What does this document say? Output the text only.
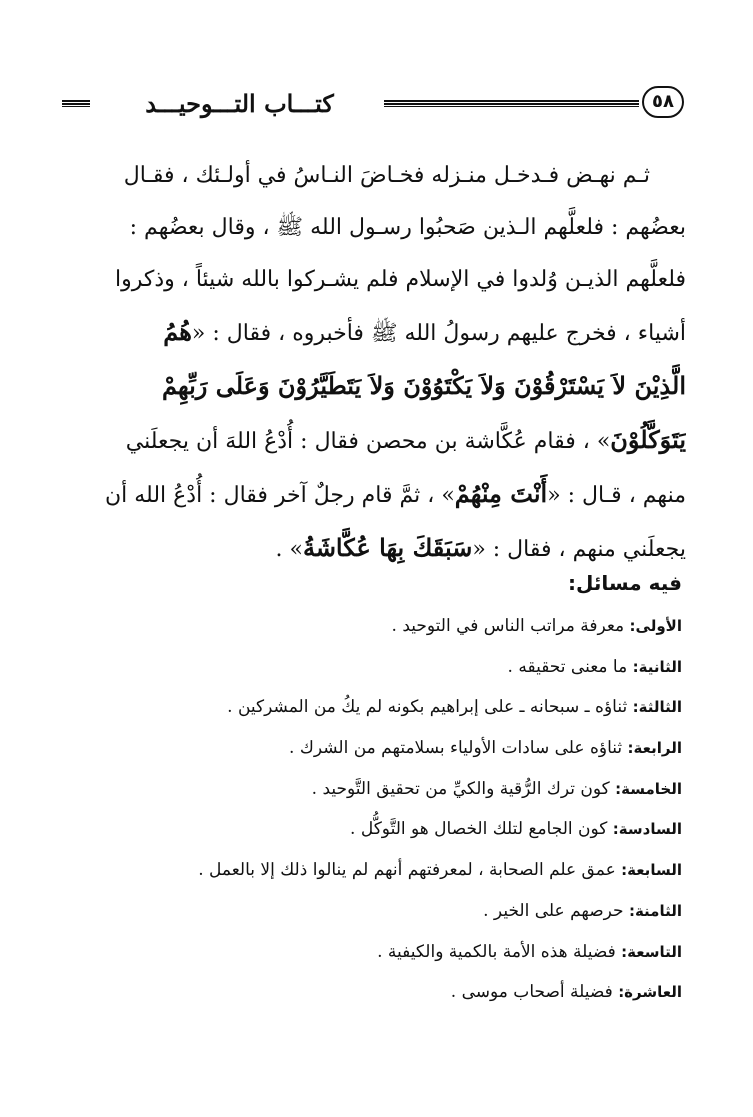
كتـــاب التـــوحيـــد	٥٨
ثـم نهـض فـدخـل منـزله فخـاضَ النـاسُ في أولـئك ، فقـال
بعضُهم : فلعلَّهم الـذين صَحبُوا رسـول الله ﷺ ، وقال بعضُهم :
فلعلَّهم الذيـن وُلدوا في الإسلام فلم يشـركوا بالله شيئاً ، وذكروا
أشياء ، فخرج عليهم رسولُ الله ﷺ فأخبروه ، فقال : «هُمُ
الَّذِيْنَ لاَ يَسْتَرْقُوْنَ وَلاَ يَكْتَوُوْنَ وَلاَ يَتَطَيَّرُوْنَ وَعَلَى رَبِّهِمْ
يَتَوَكَّلُوْنَ» ، فقام عُكَّاشة بن محصن فقال : أُدْعُ اللهَ أن يجعلَني
منهم ، قـال : «أَنْتَ مِنْهُمْ» ، ثمَّ قام رجلٌ آخر فقال : أُدْعُ الله أن
يجعلَني منهم ، فقال : «سَبَقَكَ بِهَا عُكَّاشَةُ» .
فيه مسائل:
الأولى: معرفة مراتب الناس في التوحيد .
الثانية: ما معنى تحقيقه .
الثالثة: ثناؤه ـ سبحانه ـ على إبراهيم بكونه لم يكُ من المشركين .
الرابعة: ثناؤه على سادات الأولياء بسلامتهم من الشرك .
الخامسة: كون ترك الرُّقية والكيِّ من تحقيق التَّوحيد .
السادسة: كون الجامع لتلك الخصال هو التَّوكُّل .
السابعة: عمق علم الصحابة ، لمعرفتهم أنهم لم ينالوا ذلك إلا بالعمل .
الثامنة: حرصهم على الخير .
التاسعة: فضيلة هذه الأمة بالكمية والكيفية .
العاشرة: فضيلة أصحاب موسى .
